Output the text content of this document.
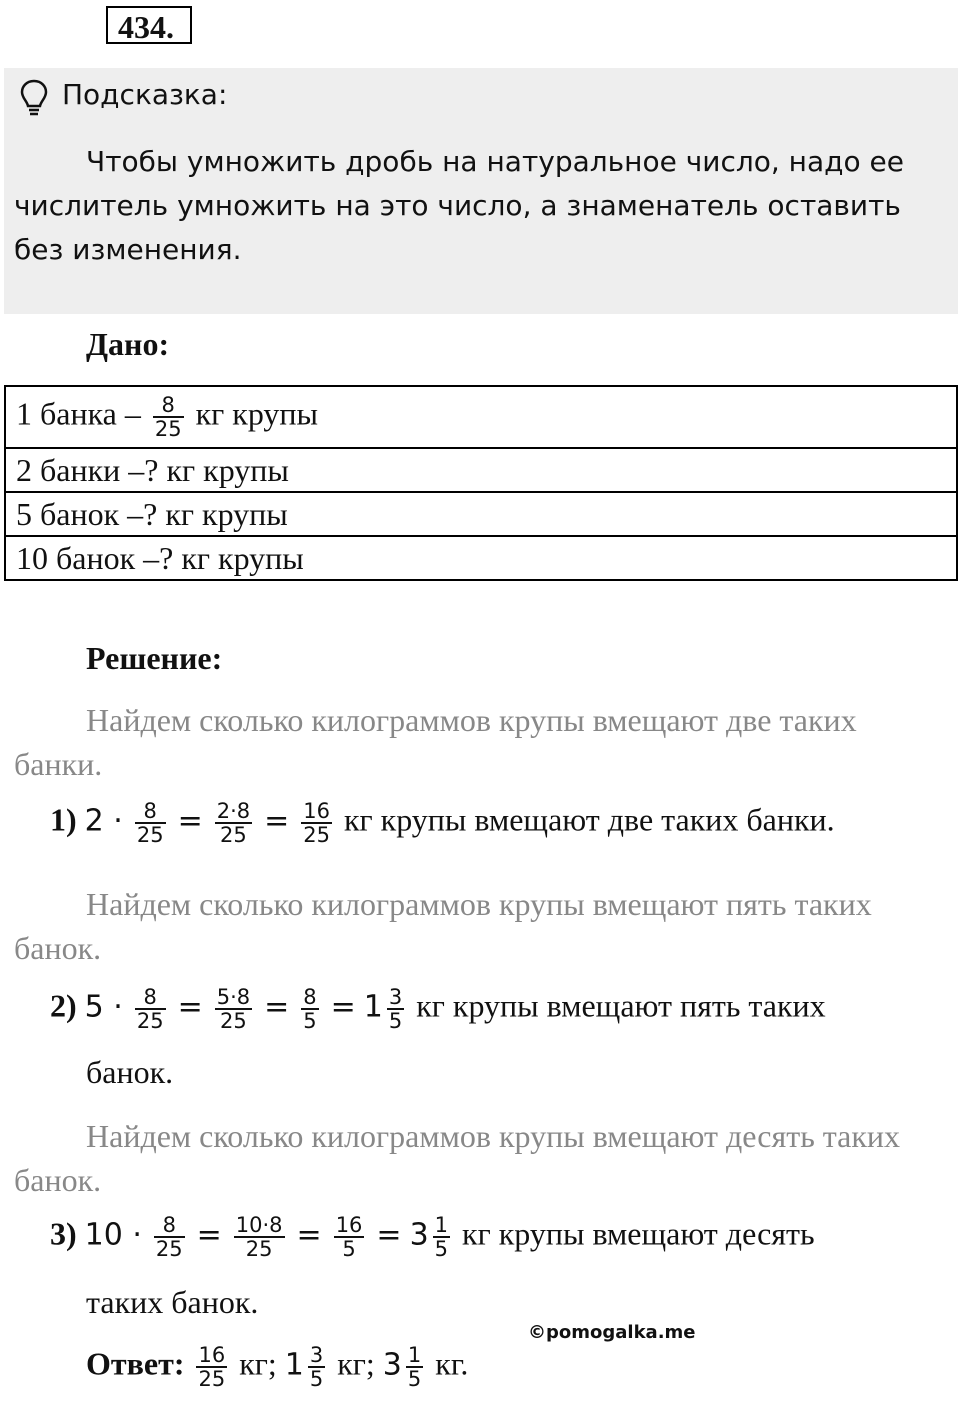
434.
Подсказка:
Чтобы умножить дробь на натуральное число, надо ее числитель умножить на это число, а знаменатель оставить без изменения.
Дано:
1 банка – $\frac{8}{25}$ кг крупы
2 банки –? кг крупы
5 банок –? кг крупы
10 банок –? кг крупы
Решение:
Найдем сколько килограммов крупы вмещают две таких банки.
1) $2 \cdot \frac{8}{25} = \frac{2\cdot 8}{25} = \frac{16}{25}$ кг крупы вмещают две таких банки.
Найдем сколько килограммов крупы вмещают пять таких банок.
2) $5 \cdot \frac{8}{25} = \frac{5\cdot 8}{25} = \frac{8}{5} = 1 \frac{3}{5}$ кг крупы вмещают пять таких
банок.
Найдем сколько килограммов крупы вмещают десять таких банок.
3) $10 \cdot \frac{8}{25} = \frac{10\cdot 8}{25} = \frac{16}{5} = 3 \frac{1}{5}$ кг крупы вмещают десять
таких банок.
©pomogalka.me
Ответ: $\frac{16}{25}$ кг; $1 \frac{3}{5}$ кг; $3 \frac{1}{5}$ кг.
